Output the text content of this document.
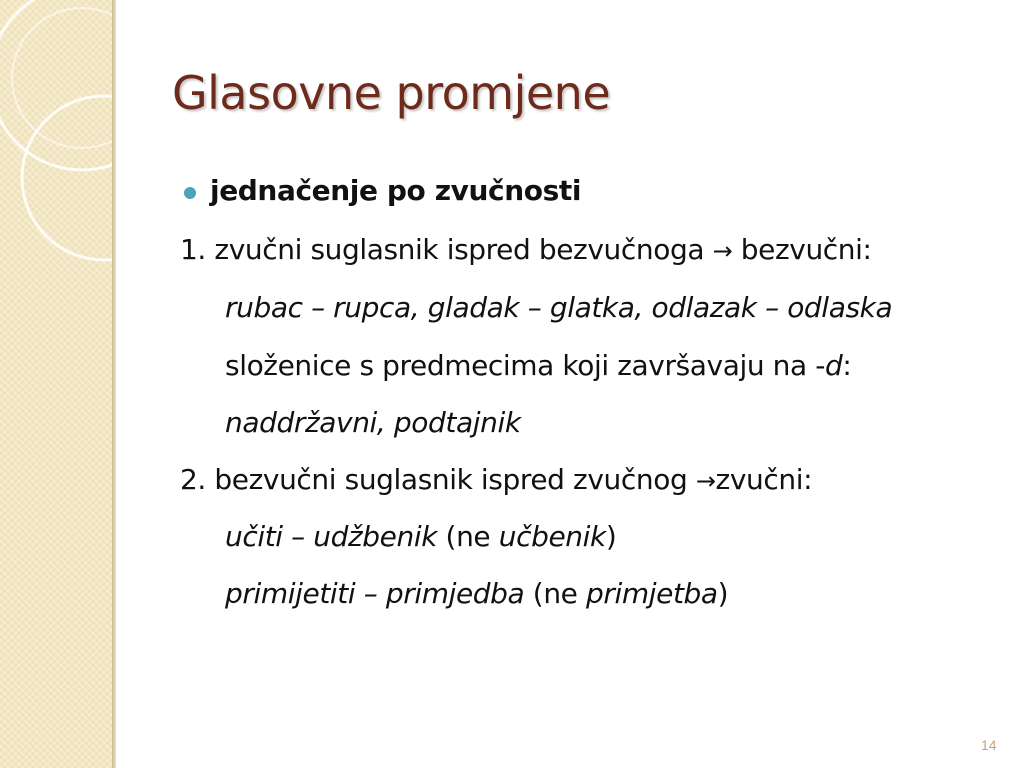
Glasovne promjene
jednačenje po zvučnosti
1. zvučni suglasnik ispred bezvučnoga → bezvučni:
rubac – rupca, gladak – glatka, odlazak – odlaska
složenice s predmecima koji završavaju na -d:
naddržavni, podtajnik
2. bezvučni suglasnik ispred zvučnog →zvučni:
učiti – udžbenik (ne učbenik)
primijetiti – primjedba (ne primjetba)
14
